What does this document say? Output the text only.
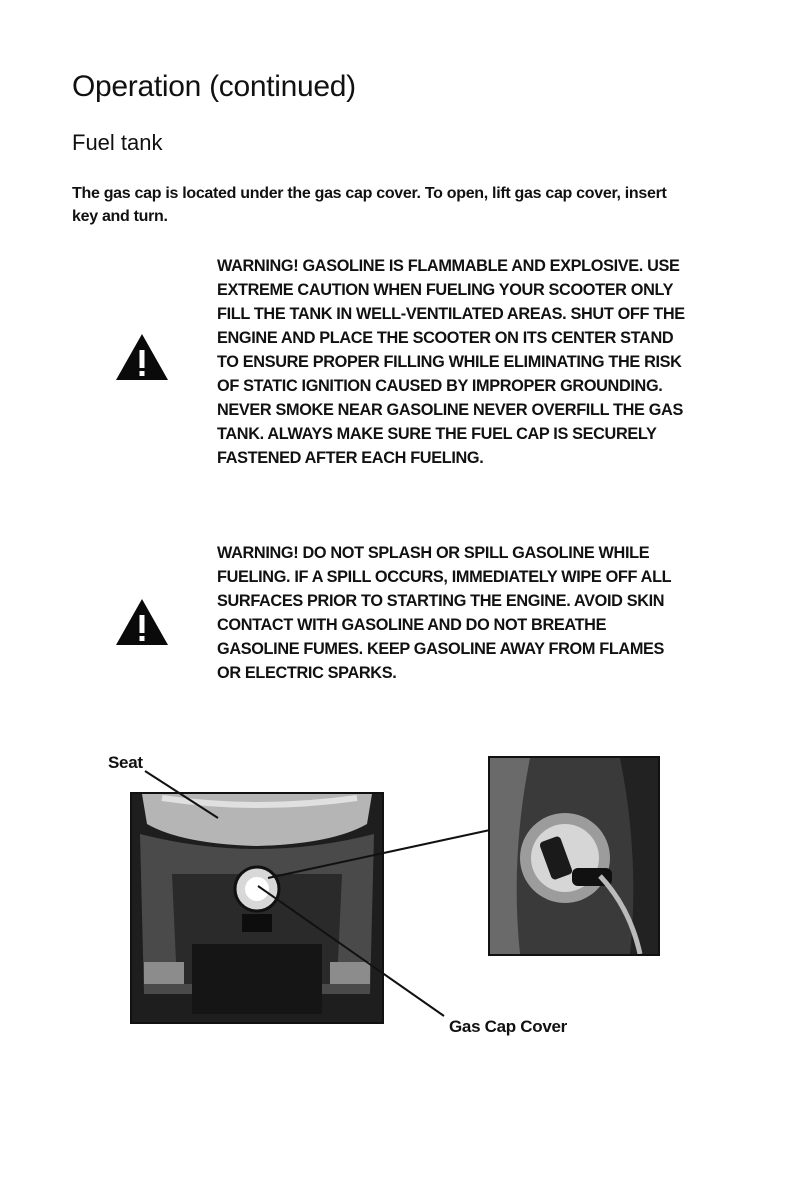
Operation (continued)
Fuel tank

The gas cap is located under the gas cap cover. To open, lift gas cap cover, insert key and turn.

WARNING! GASOLINE IS FLAMMABLE AND EXPLOSIVE. USE EXTREME CAUTION WHEN FUELING YOUR SCOOTER ONLY FILL THE TANK IN WELL-VENTILATED AREAS. SHUT OFF THE ENGINE AND PLACE THE SCOOTER ON ITS CENTER STAND TO ENSURE PROPER FILLING WHILE ELIMINATING THE RISK OF STATIC IGNITION CAUSED BY IMPROPER GROUNDING. NEVER SMOKE NEAR GASOLINE NEVER OVERFILL THE GAS TANK. ALWAYS MAKE SURE THE FUEL CAP IS SECURELY FASTENED AFTER EACH FUELING.

WARNING! DO NOT SPLASH OR SPILL GASOLINE WHILE FUELING. IF A SPILL OCCURS, IMMEDIATELY WIPE OFF ALL SURFACES PRIOR TO STARTING THE ENGINE. AVOID SKIN CONTACT WITH GASOLINE AND DO NOT BREATHE GASOLINE FUMES. KEEP GASOLINE AWAY FROM FLAMES OR ELECTRIC SPARKS.

Seat
Gas Cap Cover
